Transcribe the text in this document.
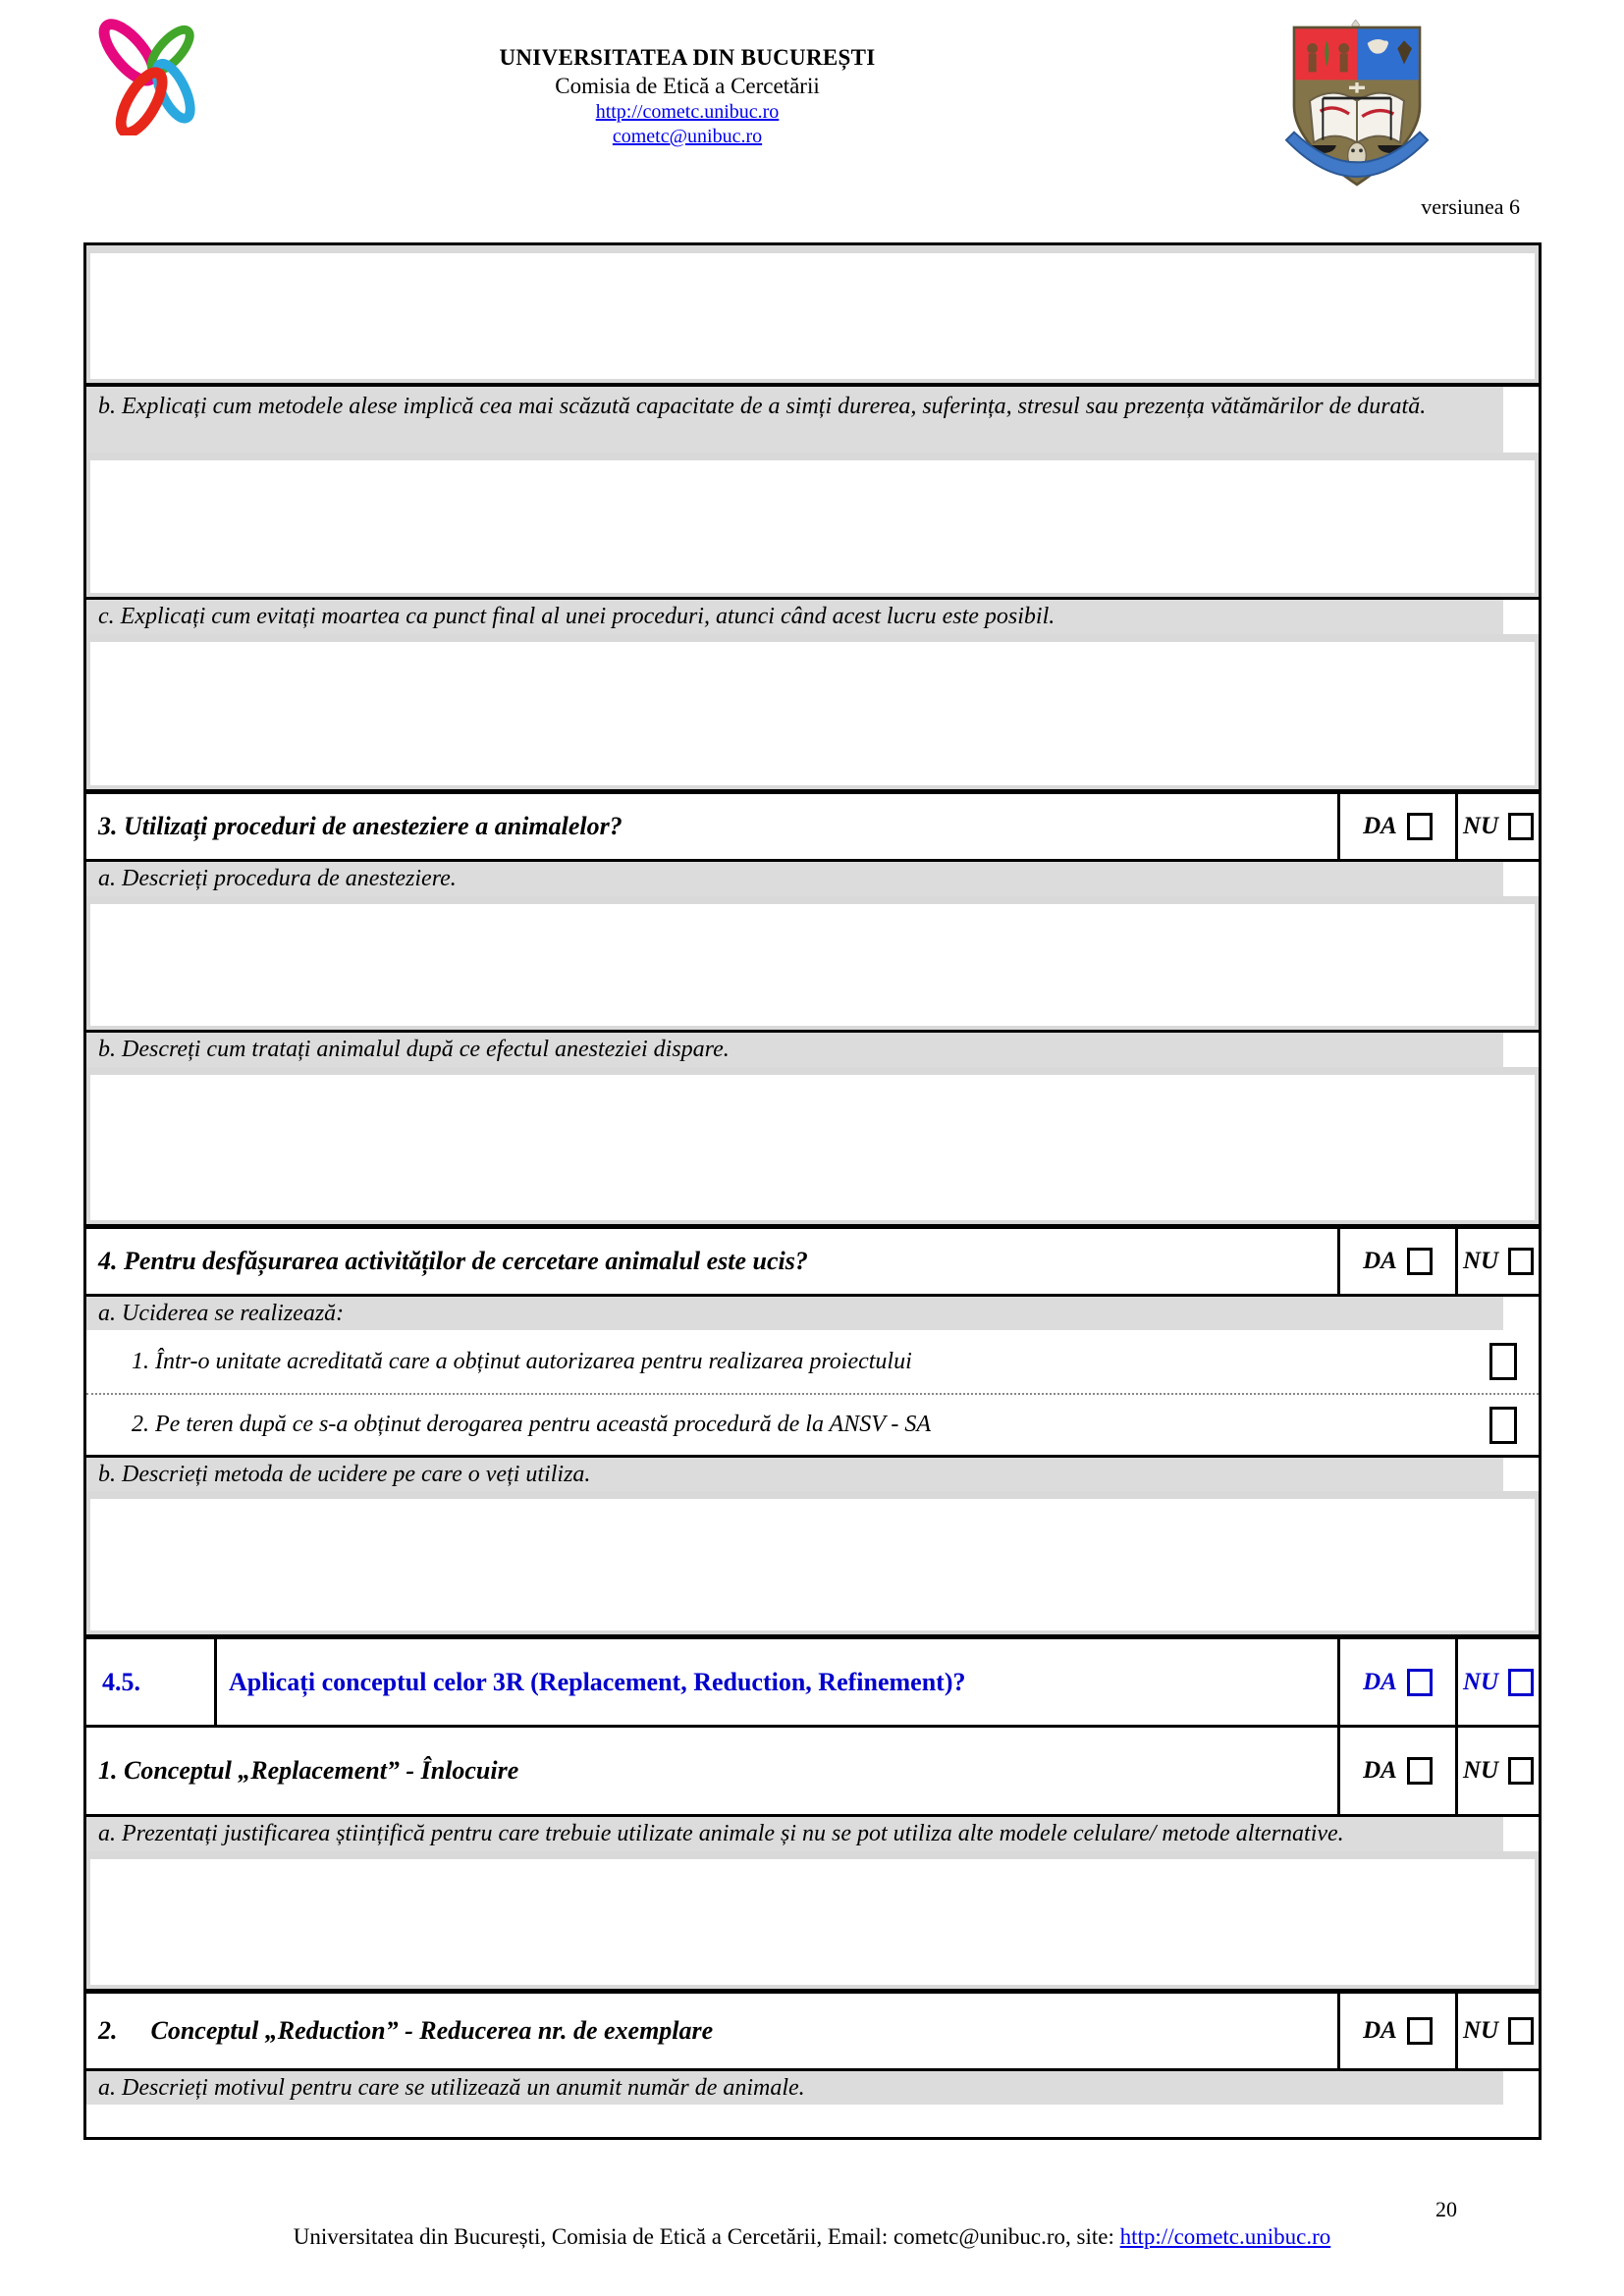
UNIVERSITATEA DIN BUCUREȘTI
Comisia de Etică a Cercetării
http://cometc.unibuc.ro
cometc@unibuc.ro
versiunea 6
b. Explicați cum metodele alese implică cea mai scăzută capacitate de a simți durerea, suferința, stresul sau prezența vătămărilor de durată.
c. Explicați cum evitați moartea ca punct final al unei proceduri, atunci când acest lucru este posibil.
3. Utilizați proceduri de anesteziere a animalelor?	DA	NU
a. Descrieți procedura de anesteziere.
b. Descreți cum tratați animalul după ce efectul anesteziei dispare.
4. Pentru desfășurarea activităților de cercetare animalul este ucis?	DA	NU
a. Uciderea se realizează:
1. Într-o unitate acreditată care a obținut autorizarea pentru realizarea proiectului
2. Pe teren după ce s-a obținut derogarea pentru această procedură de la ANSV - SA
b. Descrieți metoda de ucidere pe care o veți utiliza.
4.5.	Aplicați conceptul celor 3R (Replacement, Reduction, Refinement)?	DA	NU
1. Conceptul „Replacement” - Înlocuire	DA	NU
a. Prezentați justificarea științifică pentru care trebuie utilizate animale și nu se pot utiliza alte modele celulare/ metode alternative.
2. Conceptul „Reduction” - Reducerea nr. de exemplare	DA	NU
a. Descrieți motivul pentru care se utilizează un anumit număr de animale.
20
Universitatea din București, Comisia de Etică a Cercetării, Email: cometc@unibuc.ro, site: http://cometc.unibuc.ro
